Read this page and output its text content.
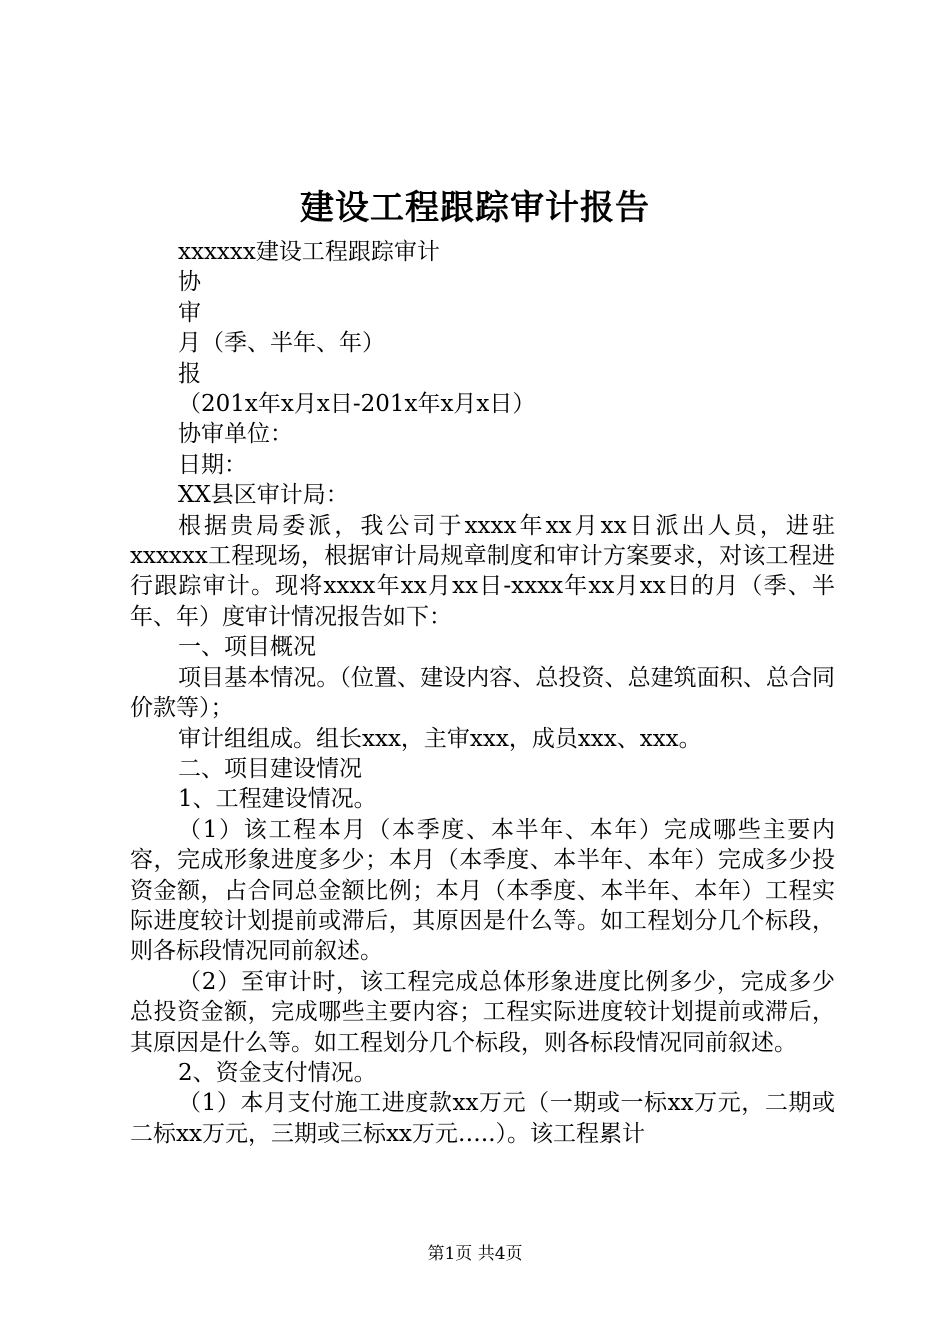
建设工程跟踪审计报告

xxxxxx建设工程跟踪审计

协

审

月（季、半年、年）

报

（201x年x月x日-201x年x月x日）

协审单位：

日期：

XX县区审计局：

根据贵局委派，我公司于xxxx年xx月xx日派出人员，进驻xxxxxx工程现场，根据审计局规章制度和审计方案要求，对该工程进行跟踪审计。现将xxxx年xx月xx日-xxxx年xx月xx日的月（季、半年、年）度审计情况报告如下：

一、项目概况

项目基本情况。（位置、建设内容、总投资、总建筑面积、总合同价款等）；

审计组组成。组长xxx，主审xxx，成员xxx、xxx。

二、项目建设情况

1、工程建设情况。

（1）该工程本月（本季度、本半年、本年）完成哪些主要内容，完成形象进度多少；本月（本季度、本半年、本年）完成多少投资金额，占合同总金额比例；本月（本季度、本半年、本年）工程实际进度较计划提前或滞后，其原因是什么等。如工程划分几个标段，则各标段情况同前叙述。

（2）至审计时，该工程完成总体形象进度比例多少，完成多少总投资金额，完成哪些主要内容；工程实际进度较计划提前或滞后，其原因是什么等。如工程划分几个标段，则各标段情况同前叙述。

2、资金支付情况。

（1）本月支付施工进度款xx万元（一期或一标xx万元，二期或二标xx万元，三期或三标xx万元…..）。该工程累计

第1页 共4页
